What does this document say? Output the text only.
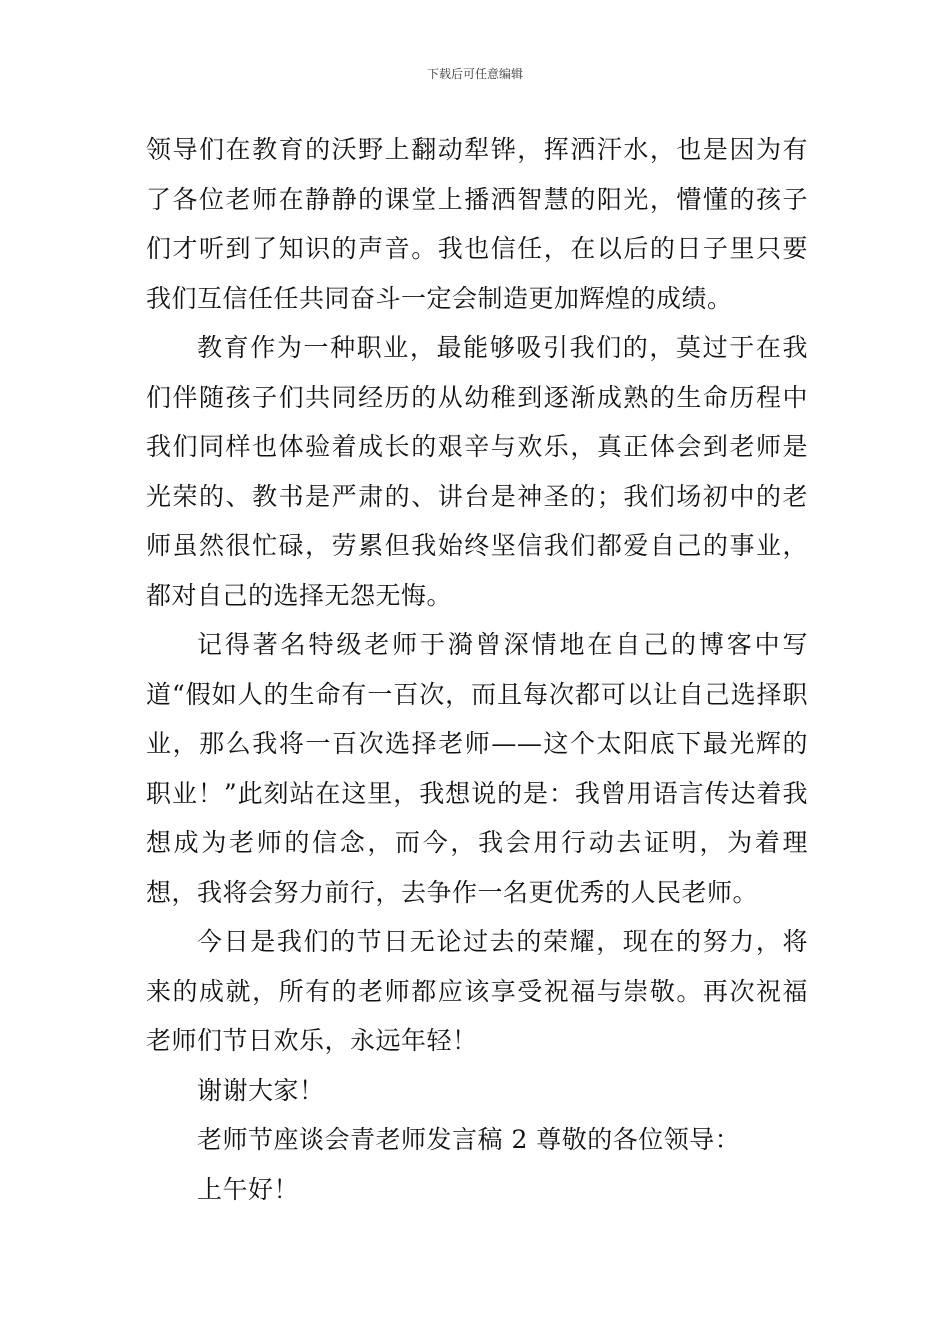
下载后可任意编辑

领导们在教育的沃野上翻动犁铧，挥洒汗水，也是因为有了各位老师在静静的课堂上播洒智慧的阳光，懵懂的孩子们才听到了知识的声音。我也信任，在以后的日子里只要我们互信任任共同奋斗一定会制造更加辉煌的成绩。

教育作为一种职业，最能够吸引我们的，莫过于在我们伴随孩子们共同经历的从幼稚到逐渐成熟的生命历程中我们同样也体验着成长的艰辛与欢乐，真正体会到老师是光荣的、教书是严肃的、讲台是神圣的；我们场初中的老师虽然很忙碌，劳累但我始终坚信我们都爱自己的事业，都对自己的选择无怨无悔。

记得著名特级老师于漪曾深情地在自己的博客中写道“假如人的生命有一百次，而且每次都可以让自己选择职业，那么我将一百次选择老师——这个太阳底下最光辉的职业！”此刻站在这里，我想说的是：我曾用语言传达着我想成为老师的信念，而今，我会用行动去证明，为着理想，我将会努力前行，去争作一名更优秀的人民老师。

今日是我们的节日无论过去的荣耀，现在的努力，将来的成就，所有的老师都应该享受祝福与崇敬。再次祝福老师们节日欢乐，永远年轻！

谢谢大家！

老师节座谈会青老师发言稿 2 尊敬的各位领导：

上午好！
